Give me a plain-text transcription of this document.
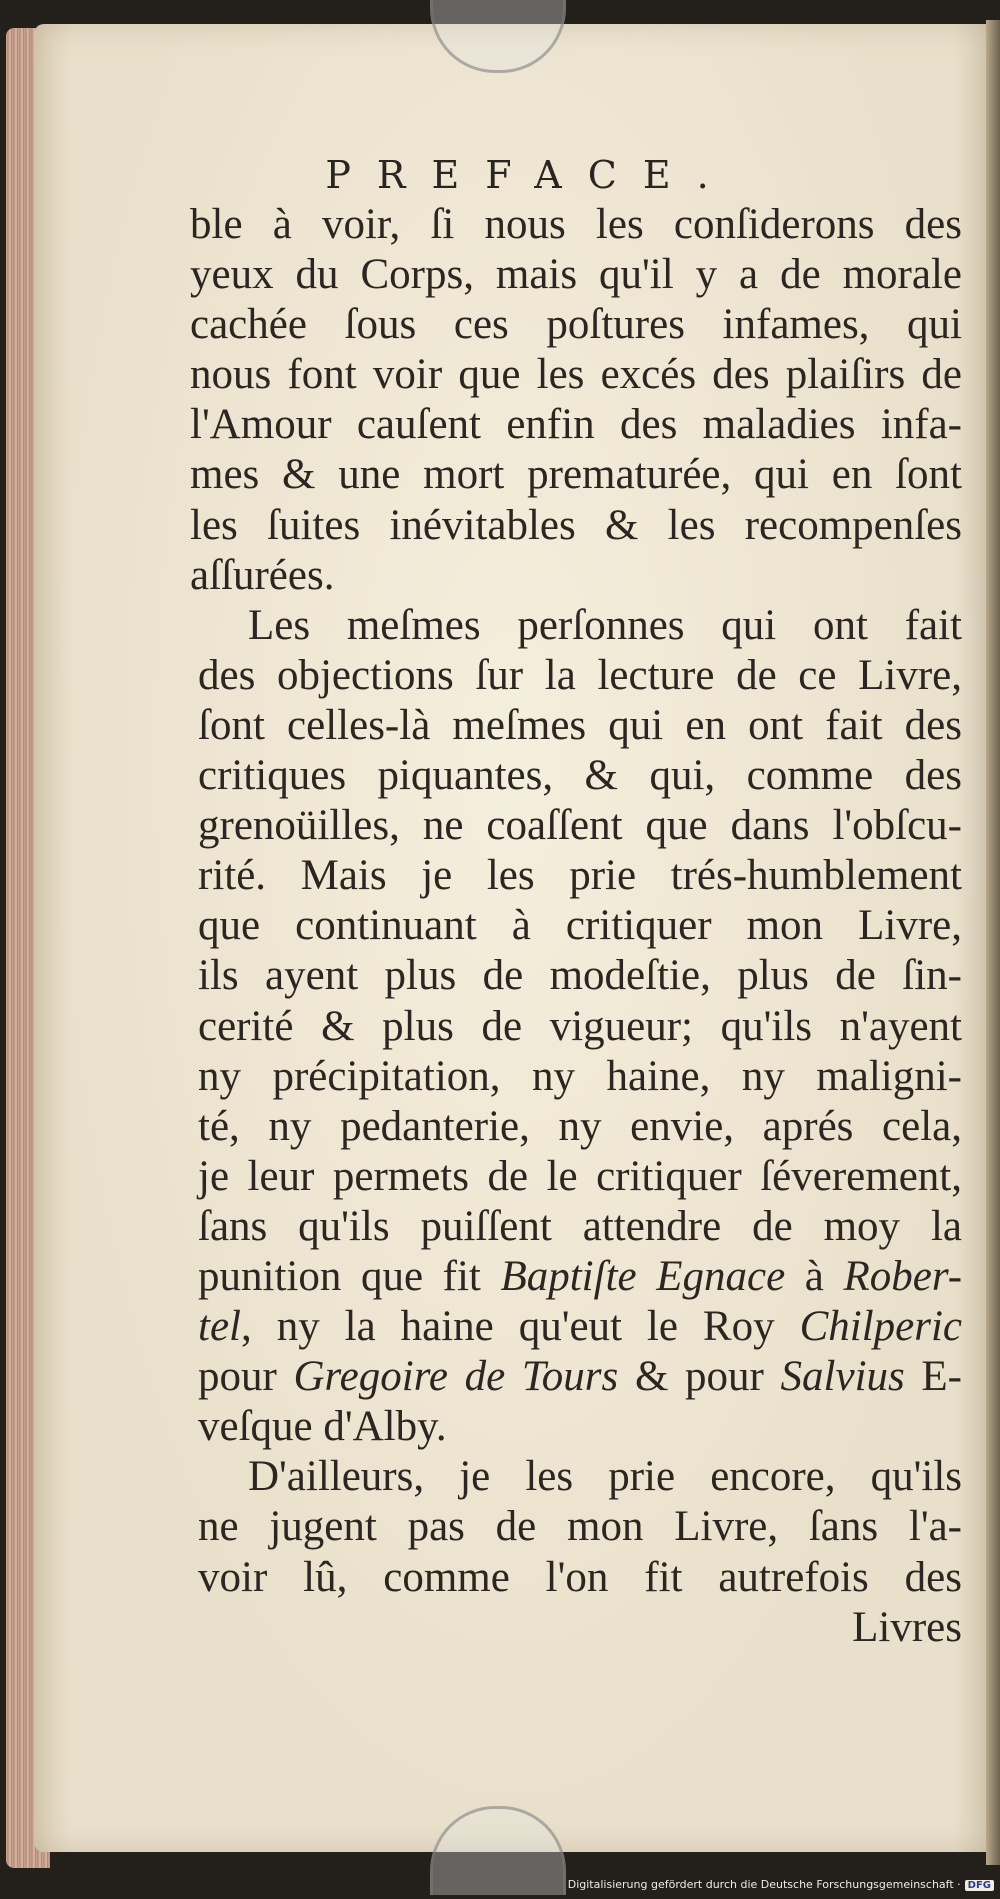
PREFACE.
ble à voir, ſi nous les conſiderons des
yeux du Corps, mais qu'il y a de morale
cachée ſous ces poſtures infames, qui
nous font voir que les excés des plaiſirs de
l'Amour cauſent enfin des maladies infa-
mes & une mort prematurée, qui en ſont
les ſuites inévitables & les recompenſes
aſſurées.
Les meſmes perſonnes qui ont fait
des objections ſur la lecture de ce Livre,
ſont celles-là meſmes qui en ont fait des
critiques piquantes, & qui, comme des
grenoüilles, ne coaſſent que dans l'obſcu-
rité. Mais je les prie trés-humblement
que continuant à critiquer mon Livre,
ils ayent plus de modeſtie, plus de ſin-
cerité & plus de vigueur; qu'ils n'ayent
ny précipitation, ny haine, ny maligni-
té, ny pedanterie, ny envie, aprés cela,
je leur permets de le critiquer ſéverement,
ſans qu'ils puiſſent attendre de moy la
punition que fit Baptiſte Egnace à Rober-
tel, ny la haine qu'eut le Roy Chilperic
pour Gregoire de Tours & pour Salvius E-
veſque d'Alby.
D'ailleurs, je les prie encore, qu'ils
ne jugent pas de mon Livre, ſans l'a-
voir lû, comme l'on fit autrefois des
Livres
Digitalisierung gefördert durch die Deutsche Forschungsgemeinschaft · DFG
